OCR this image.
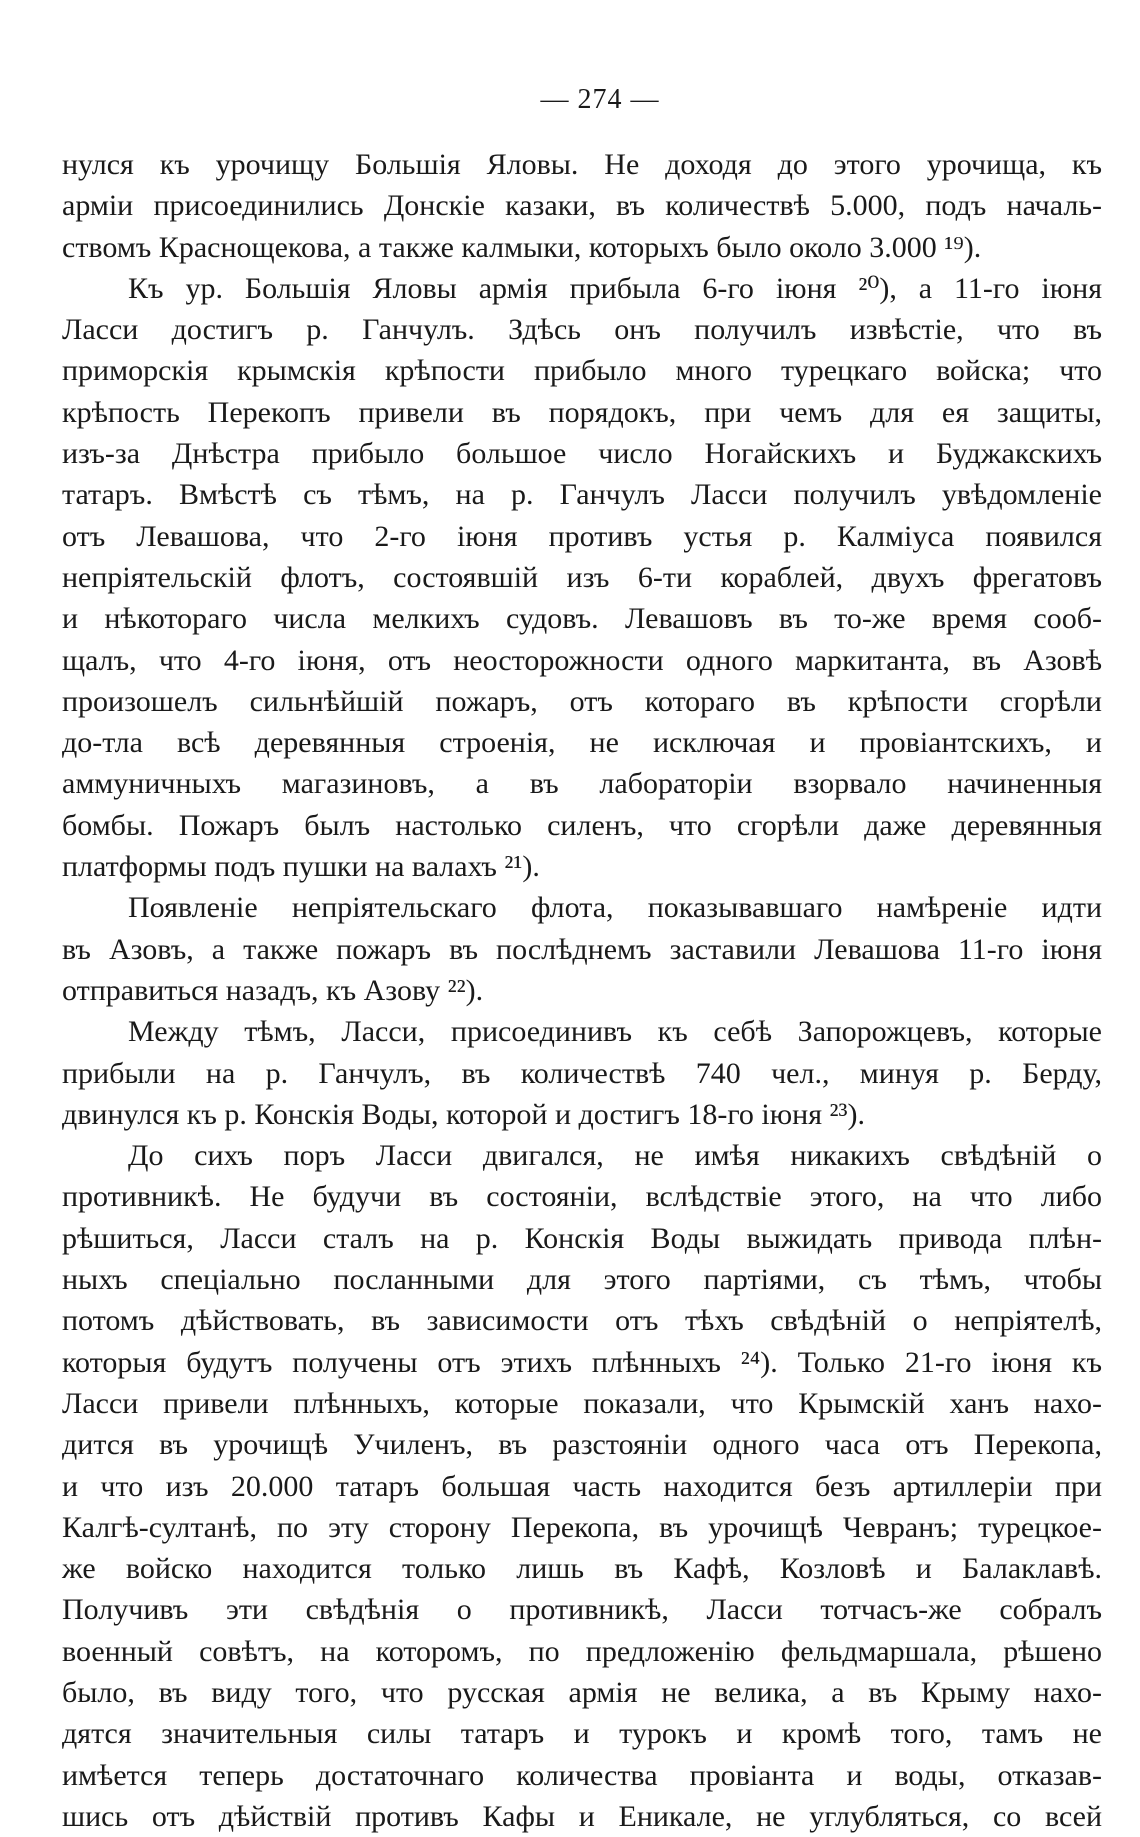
— 274 —

нулся къ урочищу Большія Яловы. Не доходя до этого урочища, къ
арміи присоединились Донскіе казаки, въ количествѣ 5.000, подъ началь-
ствомъ Краснощекова, а также калмыки, которыхъ было около 3.000 ¹⁹).

Къ ур. Большія Яловы армія прибыла 6-го іюня ²⁰), а 11-го іюня
Ласси достигъ р. Ганчулъ. Здѣсь онъ получилъ извѣстіе, что въ
приморскія крымскія крѣпости прибыло много турецкаго войска; что
крѣпость Перекопъ привели въ порядокъ, при чемъ для ея защиты,
изъ-за Днѣстра прибыло большое число Ногайскихъ и Буджакскихъ
татаръ. Вмѣстѣ съ тѣмъ, на р. Ганчулъ Ласси получилъ увѣдомленіе
отъ Левашова, что 2-го іюня противъ устья р. Калміуса появился
непріятельскій флотъ, состоявшій изъ 6-ти кораблей, двухъ фрегатовъ
и нѣкотораго числа мелкихъ судовъ. Левашовъ въ то-же время сооб-
щалъ, что 4-го іюня, отъ неосторожности одного маркитанта, въ Азовѣ
произошелъ сильнѣйшій пожаръ, отъ котораго въ крѣпости сгорѣли
до-тла всѣ деревянныя строенія, не исключая и провіантскихъ, и
аммуничныхъ магазиновъ, а въ лабораторіи взорвало начиненныя
бомбы. Пожаръ былъ настолько силенъ, что сгорѣли даже деревянныя
платформы подъ пушки на валахъ ²¹).

Появленіе непріятельскаго флота, показывавшаго намѣреніе идти
въ Азовъ, а также пожаръ въ послѣднемъ заставили Левашова 11-го іюня
отправиться назадъ, къ Азову ²²).

Между тѣмъ, Ласси, присоединивъ къ себѣ Запорожцевъ, которые
прибыли на р. Ганчулъ, въ количествѣ 740 чел., минуя р. Берду,
двинулся къ р. Конскія Воды, которой и достигъ 18-го іюня ²³).

До сихъ поръ Ласси двигался, не имѣя никакихъ свѣдѣній о
противникѣ. Не будучи въ состояніи, вслѣдствіе этого, на что либо
рѣшиться, Ласси сталъ на р. Конскія Воды выжидать привода плѣн-
ныхъ спеціально посланными для этого партіями, съ тѣмъ, чтобы
потомъ дѣйствовать, въ зависимости отъ тѣхъ свѣдѣній о непріятелѣ,
которыя будутъ получены отъ этихъ плѣнныхъ ²⁴). Только 21-го іюня къ
Ласси привели плѣнныхъ, которые показали, что Крымскій ханъ нахо-
дится въ урочищѣ Училенъ, въ разстояніи одного часа отъ Перекопа,
и что изъ 20.000 татаръ большая часть находится безъ артиллеріи при
Калгѣ-султанѣ, по эту сторону Перекопа, въ урочищѣ Чевранъ; турецкое-
же войско находится только лишь въ Кафѣ, Козловѣ и Балаклавѣ.
Получивъ эти свѣдѣнія о противникѣ, Ласси тотчасъ-же собралъ
военный совѣтъ, на которомъ, по предложенію фельдмаршала, рѣшено
было, въ виду того, что русская армія не велика, а въ Крыму нахо-
дятся значительныя силы татаръ и турокъ и кромѣ того, тамъ не
имѣется теперь достаточнаго количества провіанта и воды, отказав-
шись отъ дѣйствій противъ Кафы и Еникале, не углубляться, со всей
